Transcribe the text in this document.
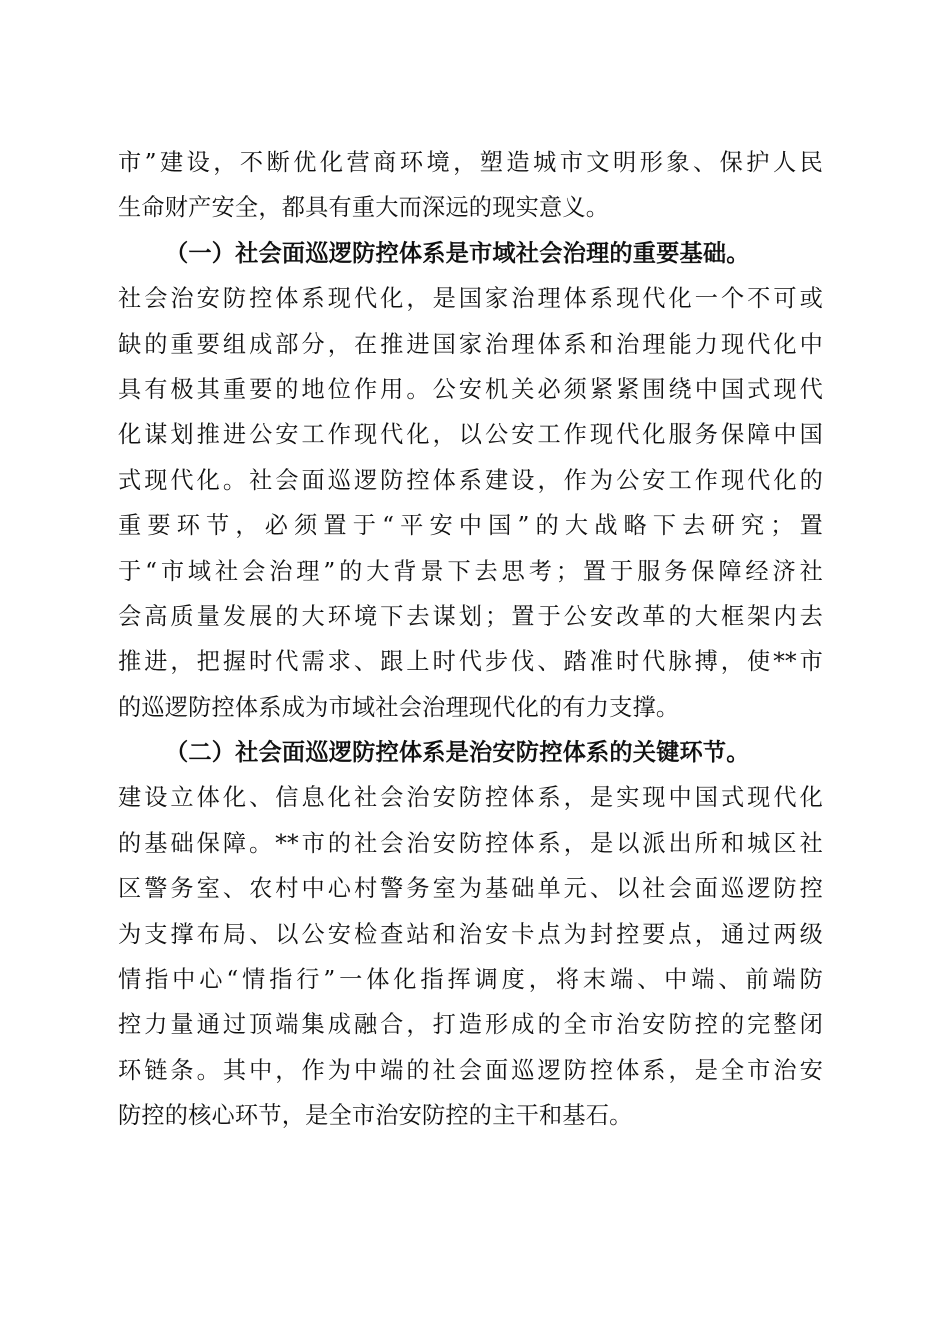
市”建设，不断优化营商环境，塑造城市文明形象、保护人民
生命财产安全，都具有重大而深远的现实意义。
（一）社会面巡逻防控体系是市域社会治理的重要基础。
社会治安防控体系现代化，是国家治理体系现代化一个不可或
缺的重要组成部分，在推进国家治理体系和治理能力现代化中
具有极其重要的地位作用。公安机关必须紧紧围绕中国式现代
化谋划推进公安工作现代化，以公安工作现代化服务保障中国
式现代化。社会面巡逻防控体系建设，作为公安工作现代化的
重要环节，必须置于“平安中国”的大战略下去研究；置
于“市域社会治理”的大背景下去思考；置于服务保障经济社
会高质量发展的大环境下去谋划；置于公安改革的大框架内去
推进，把握时代需求、跟上时代步伐、踏准时代脉搏，使**市
的巡逻防控体系成为市域社会治理现代化的有力支撑。
（二）社会面巡逻防控体系是治安防控体系的关键环节。
建设立体化、信息化社会治安防控体系，是实现中国式现代化
的基础保障。**市的社会治安防控体系，是以派出所和城区社
区警务室、农村中心村警务室为基础单元、以社会面巡逻防控
为支撑布局、以公安检查站和治安卡点为封控要点，通过两级
情指中心“情指行”一体化指挥调度，将末端、中端、前端防
控力量通过顶端集成融合，打造形成的全市治安防控的完整闭
环链条。其中，作为中端的社会面巡逻防控体系，是全市治安
防控的核心环节，是全市治安防控的主干和基石。
